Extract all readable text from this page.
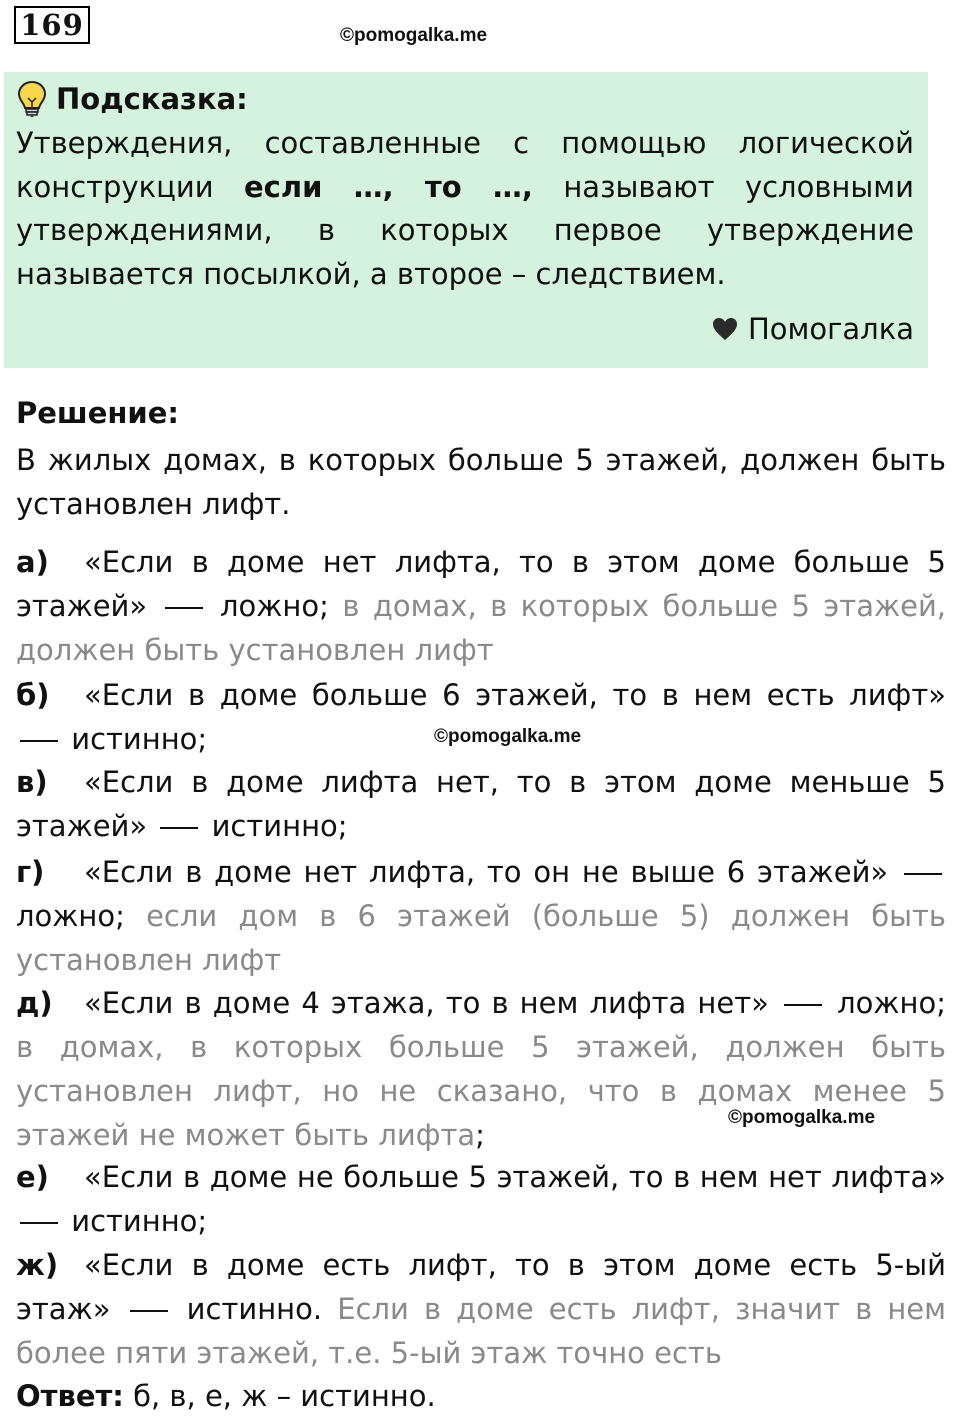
169	©pomogalka.me
Подсказка:
Утверждения, составленные с помощью логической конструкции если …, то …, называют условными утверждениями, в которых первое утверждение называется посылкой, а второе – следствием.
Помогалка
Решение:
В жилых домах, в которых больше 5 этажей, должен быть установлен лифт.
а) «Если в доме нет лифта, то в этом доме больше 5 этажей»	ложно; в домах, в которых больше 5 этажей, должен быть установлен лифт
б) «Если в доме больше 6 этажей, то в нем есть лифт»  истинно;	©pomogalka.me
в) «Если в доме лифта нет, то в этом доме меньше 5 этажей» истинно;
г) «Если в доме нет лифта, то он не выше 6 этажей»  ложно; если дом в 6 этажей (больше 5) должен быть установлен лифт
д) «Если в доме 4 этажа, то в нем лифта нет» ложно; в домах, в которых больше 5 этажей, должен быть установлен лифт, но не сказано, что в домах менее 5 этажей не может быть лифта;
©pomogalka.me
е) «Если в доме не больше 5 этажей, то в нем нет лифта»  истинно;
ж) «Если в доме есть лифт, то в этом доме есть 5-ый этаж»	истинно. Если в доме есть лифт, значит в нем более пяти этажей, т.е. 5-ый этаж точно есть
Ответ: б, в, е, ж – истинно.
